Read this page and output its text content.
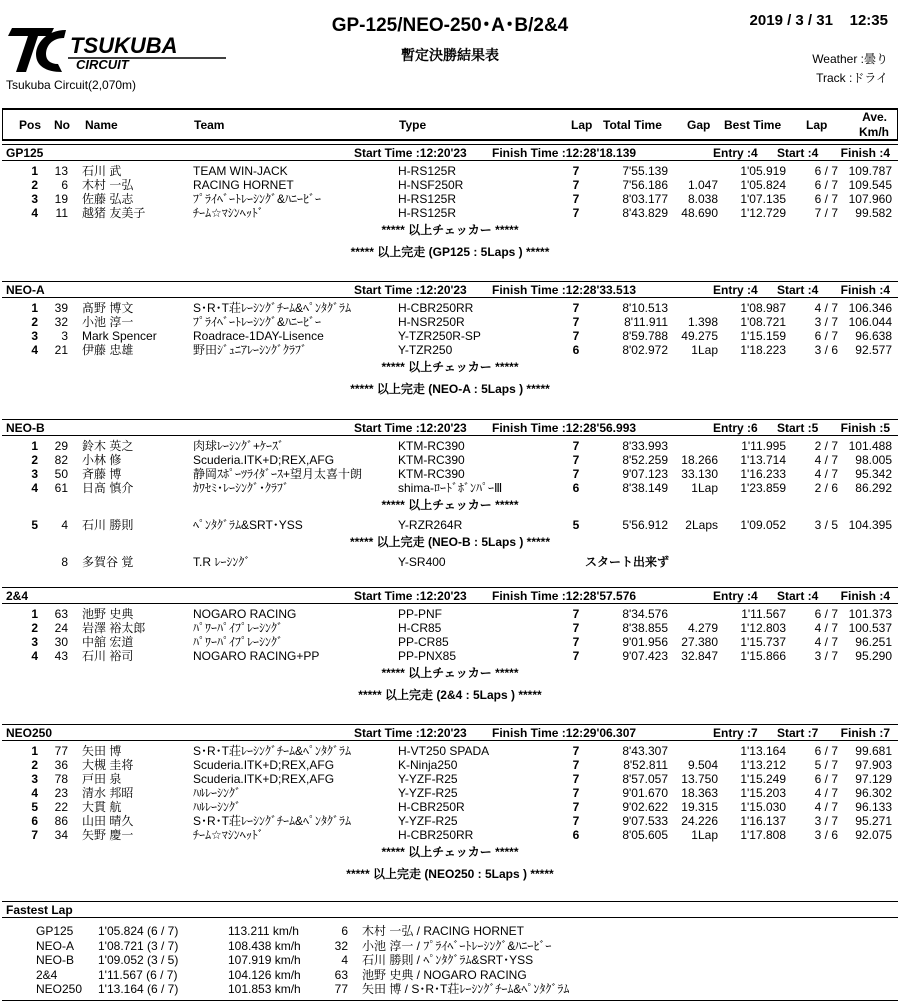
TSUKUBA
CIRCUIT
Tsukuba Circuit(2,070m)
GP-125/NEO-250･A･B/2&4
暫定決勝結果表
2019 / 3 / 31 12:35
Weather :曇り
Track :ドライ
Pos No Name	Team	Type	Lap Total Time Gap Best Time Lap
Ave.
Km/h
GP125	Start Time :12:20'23 Finish Time :12:28'18.139	Entry :4 Start :4 Finish :4
1	13 石川 武	TEAM WIN-JACK	H-RS125R	7	7'55.139	1'05.919	6 / 7 109.787
2	6 木村 一弘	RACING HORNET	H-NSF250R	7	7'56.186	1.047	1'05.824	6 / 7 109.545
3	19 佐藤 弘志	ﾌﾟﾗｲﾍﾞｰﾄﾚｰｼﾝｸﾞ&ﾊﾆｰﾋﾞｰ	H-RS125R	7	8'03.177	8.038	1'07.135	6 / 7 107.960
4	11 越猪 友美子	ﾁｰﾑ☆ﾏｼﾝﾍｯﾄﾞ	H-RS125R	7	8'43.829	48.690	1'12.729	7 / 7	99.582
***** 以上チェッカー *****
***** 以上完走 (GP125 : 5Laps ) *****
NEO-A	Start Time :12:20'23 Finish Time :12:28'33.513	Entry :4 Start :4 Finish :4
1	39 髙野 博文	S･R･T荘ﾚｰｼﾝｸﾞﾁｰﾑ&ﾍﾟﾝﾀｸﾞﾗﾑ	H-CBR250RR	7	8'10.513	1'08.987	4 / 7 106.346
2	32 小池 淳一	ﾌﾟﾗｲﾍﾞｰﾄﾚｰｼﾝｸﾞ&ﾊﾆｰﾋﾞｰ	H-NSR250R	7	8'11.911	1.398	1'08.721	3 / 7 106.044
3	3 Mark Spencer	Roadrace-1DAY-Lisence	Y-TZR250R-SP	7	8'59.788	49.275	1'15.159	6 / 7	96.638
4	21 伊藤 忠雄	野田ｼﾞｭﾆｱﾚｰｼﾝｸﾞｸﾗﾌﾞ	Y-TZR250	6	8'02.972	1Lap	1'18.223	3 / 6	92.577
***** 以上チェッカー *****
***** 以上完走 (NEO-A : 5Laps ) *****
NEO-B	Start Time :12:20'23 Finish Time :12:28'56.993	Entry :6 Start :5 Finish :5
1	29 鈴木 英之	肉球ﾚｰｼﾝｸﾞ+ｹｰｽﾞ	KTM-RC390	7	8'33.993	1'11.995	2 / 7 101.488
2	82 小林 修	Scuderia.ITK+D;REX,AFG	KTM-RC390	7	8'52.259	18.266	1'13.714	4 / 7	98.005
3	50 斉藤 博	静岡ｽﾎﾟｰﾂﾗｲﾀﾞｰｽ+望月太喜十朗	KTM-RC390	7	9'07.123	33.130	1'16.233	4 / 7	95.342
4	61 日髙 慎介	ｶﾜｾﾐ･ﾚｰｼﾝｸﾞ･ｸﾗﾌﾞ	shima-ﾛｰﾄﾞﾎﾞﾝﾊﾟｰⅢ	6	8'38.149	1Lap	1'23.859	2 / 6	86.292
***** 以上チェッカー *****
5	4 石川 勝則	ﾍﾟﾝﾀｸﾞﾗﾑ&SRT･YSS	Y-RZR264R	5	5'56.912	2Laps	1'09.052	3 / 5 104.395
***** 以上完走 (NEO-B : 5Laps ) *****
8 多賀谷 覚	T.R ﾚｰｼﾝｸﾞ	Y-SR400	スタート出来ず
2&4	Start Time :12:20'23 Finish Time :12:28'57.576	Entry :4 Start :4 Finish :4
1	63 池野 史典	NOGARO RACING	PP-PNF	7	8'34.576	1'11.567	6 / 7 101.373
2	24 岩澤 裕太郎	ﾊﾟﾜｰﾊﾟｲﾌﾟﾚｰｼﾝｸﾞ	H-CR85	7	8'38.855	4.279	1'12.803	4 / 7 100.537
3	30 中舘 宏道	ﾊﾟﾜｰﾊﾟｲﾌﾟﾚｰｼﾝｸﾞ	PP-CR85	7	9'01.956	27.380	1'15.737	4 / 7	96.251
4	43 石川 裕司	NOGARO RACING+PP	PP-PNX85	7	9'07.423	32.847	1'15.866	3 / 7	95.290
***** 以上チェッカー *****
***** 以上完走 (2&4 : 5Laps ) *****
NEO250	Start Time :12:20'23 Finish Time :12:29'06.307	Entry :7 Start :7 Finish :7
1	77 矢田 博	S･R･T荘ﾚｰｼﾝｸﾞﾁｰﾑ&ﾍﾟﾝﾀｸﾞﾗﾑ	H-VT250 SPADA	7	8'43.307	1'13.164	6 / 7	99.681
2	36 大槻 圭将	Scuderia.ITK+D;REX,AFG	K-Ninja250	7	8'52.811	9.504	1'13.212	5 / 7	97.903
3	78 戸田 泉	Scuderia.ITK+D;REX,AFG	Y-YZF-R25	7	8'57.057	13.750	1'15.249	6 / 7	97.129
4	23 清水 邦昭	ﾊﾙﾚｰｼﾝｸﾞ	Y-YZF-R25	7	9'01.670	18.363	1'15.203	4 / 7	96.302
5	22 大貫 航	ﾊﾙﾚｰｼﾝｸﾞ	H-CBR250R	7	9'02.622	19.315	1'15.030	4 / 7	96.133
6	86 山田 晴久	S･R･T荘ﾚｰｼﾝｸﾞﾁｰﾑ&ﾍﾟﾝﾀｸﾞﾗﾑ	Y-YZF-R25	7	9'07.533	24.226	1'16.137	3 / 7	95.271
7	34 矢野 慶一	ﾁｰﾑ☆ﾏｼﾝﾍｯﾄﾞ	H-CBR250RR	6	8'05.605	1Lap	1'17.808	3 / 6	92.075
***** 以上チェッカー *****
***** 以上完走 (NEO250 : 5Laps ) *****
Fastest Lap
GP125 1'05.824 (6 / 7)	113.211 km/h	6 木村 一弘 / RACING HORNET
NEO-A 1'08.721 (3 / 7)	108.438 km/h	32 小池 淳一 / ﾌﾟﾗｲﾍﾞｰﾄﾚｰｼﾝｸﾞ&ﾊﾆｰﾋﾞｰ
NEO-B 1'09.052 (3 / 5)	107.919 km/h	4 石川 勝則 / ﾍﾟﾝﾀｸﾞﾗﾑ&SRT･YSS
2&4	1'11.567 (6 / 7)	104.126 km/h	63 池野 史典 / NOGARO RACING
NEO250 1'13.164 (6 / 7)	101.853 km/h	77 矢田 博 / S･R･T荘ﾚｰｼﾝｸﾞﾁｰﾑ&ﾍﾟﾝﾀｸﾞﾗﾑ
